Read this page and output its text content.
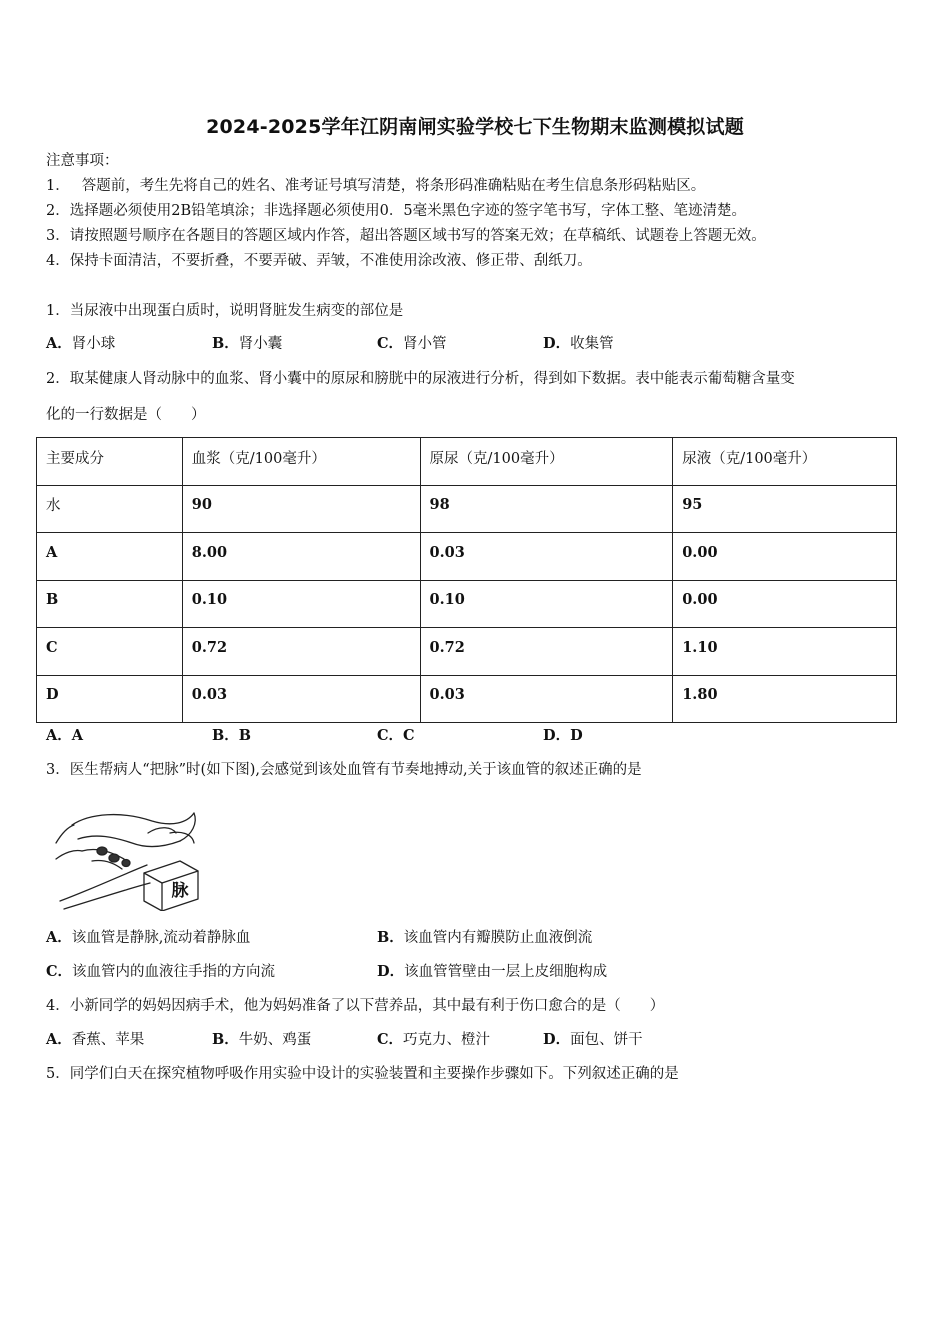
2024-2025学年江阴南闸实验学校七下生物期末监测模拟试题
注意事项：
1． 答题前，考生先将自己的姓名、准考证号填写清楚，将条形码准确粘贴在考生信息条形码粘贴区。
2．选择题必须使用2B铅笔填涂；非选择题必须使用0．5毫米黑色字迹的签字笔书写，字体工整、笔迹清楚。
3．请按照题号顺序在各题目的答题区域内作答，超出答题区域书写的答案无效；在草稿纸、试题卷上答题无效。
4．保持卡面清洁，不要折叠，不要弄破、弄皱，不准使用涂改液、修正带、刮纸刀。
1．当尿液中出现蛋白质时，说明肾脏发生病变的部位是
A．肾小球	B．肾小囊	C．肾小管	D．收集管
2．取某健康人肾动脉中的血浆、肾小囊中的原尿和膀胱中的尿液进行分析，得到如下数据。表中能表示葡萄糖含量变
化的一行数据是（　　）
主要成分	血浆（克/100毫升）	原尿（克/100毫升）	尿液（克/100毫升）
水	90	98	95
A	8.00	0.03	0.00
B	0.10	0.10	0.00
C	0.72	0.72	1.10
D	0.03	0.03	1.80
A．A	B．B	C．C	D．D
3．医生帮病人“把脉”时(如下图),会感觉到该处血管有节奏地搏动,关于该血管的叙述正确的是
脉
A．该血管是静脉,流动着静脉血	B．该血管内有瓣膜防止血液倒流
C．该血管内的血液往手指的方向流	D．该血管管壁由一层上皮细胞构成
4．小新同学的妈妈因病手术，他为妈妈准备了以下营养品，其中最有利于伤口愈合的是（　　）
A．香蕉、苹果	B．牛奶、鸡蛋	C．巧克力、橙汁	D．面包、饼干
5．同学们白天在探究植物呼吸作用实验中设计的实验装置和主要操作步骤如下。下列叙述正确的是
